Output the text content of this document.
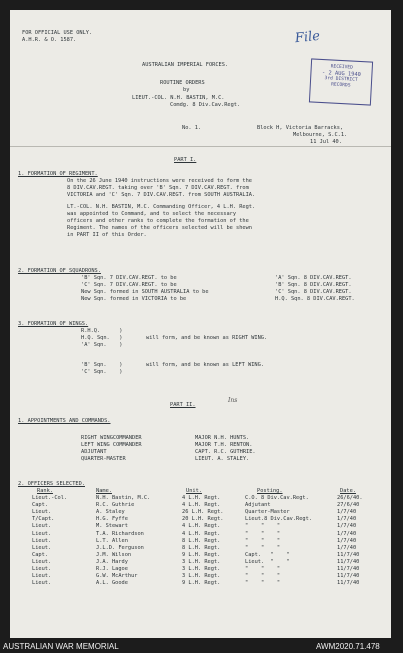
FOR OFFICIAL USE ONLY.
A.H.R. & O. 1587.	File
RECEIVED
- 2 AUG 1940
3rd DISTRICT
RECORDS
AUSTRALIAN IMPERIAL FORCES.
ROUTINE ORDERS
by
LIEUT.-COL. N.H. BASTIN, M.C.
Comdg. 8 Div.Cav.Regt.
No. 1.	Block H, Victoria Barracks,
Melbourne, S.C.1.
11 Jul 40.
PART I.
1. FORMATION OF REGIMENT.
On the 26 June 1940 instructions were received to form the
8 DIV.CAV.REGT. taking over 'B' Sqn. 7 DIV.CAV.REGT. from
VICTORIA and 'C' Sqn. 7 DIV.CAV.REGT. from SOUTH AUSTRALIA.
LT.-COL. N.H. BASTIN, M.C. Commanding Officer, 4 L.H. Regt.
was appointed to Command, and to select the necessary
officers and other ranks to complete the formation of the
Regiment. The names of the officers selected will be shewn
in PART II of this Order.
2. FORMATION OF SQUADRONS.
'B' Sqn. 7 DIV.CAV.REGT. to be	'A' Sqn. 8 DIV.CAV.REGT.
'C' Sqn. 7 DIV.CAV.REGT. to be	'B' Sqn. 8 DIV.CAV.REGT.
New Sqn. formed in SOUTH AUSTRALIA to be	'C' Sqn. 8 DIV.CAV.REGT.
New Sqn. formed in VICTORIA to be	H.Q. Sqn. 8 DIV.CAV.REGT.
3. FORMATION OF WINGS.
R.H.Q.      )
H.Q. Sqn.   )
'A' Sqn.    )
will form, and be known as RIGHT WING.
'B' Sqn.    )
'C' Sqn.    )
will form, and be known as LEFT WING.
PART II.
Ins
1. APPOINTMENTS AND COMMANDS.
RIGHT WINGCOMMANDER	MAJOR N.H. HUNTS.
LEFT WING COMMANDER	MAJOR T.H. RENTON.
ADJUTANT	CAPT. R.C. GUTHRIE.
QUARTER-MASTER	LIEUT. A. STALEY.
2. OFFICERS SELECTED.
Rank.	Name.	Unit.	Posting.	Date.
Lieut.-Col.	N.H. Bastin, M.C.	4 L.H. Regt.	C.O. 8 Div.Cav.Regt.	26/6/40.
Capt.	R.C. Guthrie	4 L.H. Regt.	Adjutant	27/6/40
Lieut.	A. Staley	26 L.H. Regt.	Quarter-Master	1/7/40
T/Capt.	H.G. Fyffe	20 L.H. Regt.	Lieut.8 Div.Cav.Regt.	1/7/40
Lieut.	M. Stewart	4 L.H. Regt.	"    "    "	1/7/40
Lieut.	T.A. Richardson	4 L.H. Regt.	"    "    "	1/7/40
Lieut.	L.T. Allen	8 L.H. Regt.	"    "    "	1/7/40
Lieut.	J.L.D. Ferguson	8 L.H. Regt.	"    "    "	1/7/40
Capt.	J.M. Wilson	9 L.H. Regt.	Capt.   "    "	11/7/40
Lieut.	J.A. Hardy	3 L.H. Regt.	Lieut.  "    "	11/7/40
Lieut.	R.J. Lagoe	3 L.H. Regt.	"    "    "	11/7/40
Lieut.	G.W. McArthur	3 L.H. Regt.	"    "    "	11/7/40
Lieut.	A.L. Goode	9 L.H. Regt.	"    "    "	11/7/40
AUSTRALIAN WAR MEMORIAL	AWM2020.71.478
